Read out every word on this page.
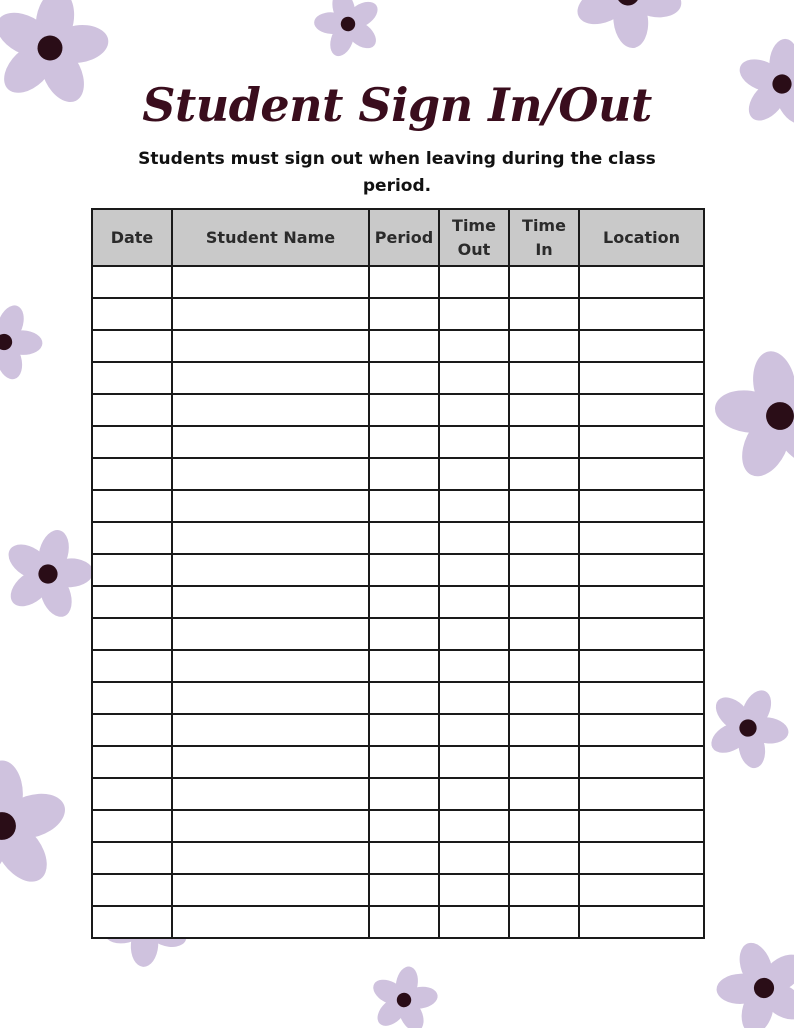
Student Sign In/Out

Students must sign out when leaving during the class period.

Date	Student Name	Period	Time Out	Time In	Location
